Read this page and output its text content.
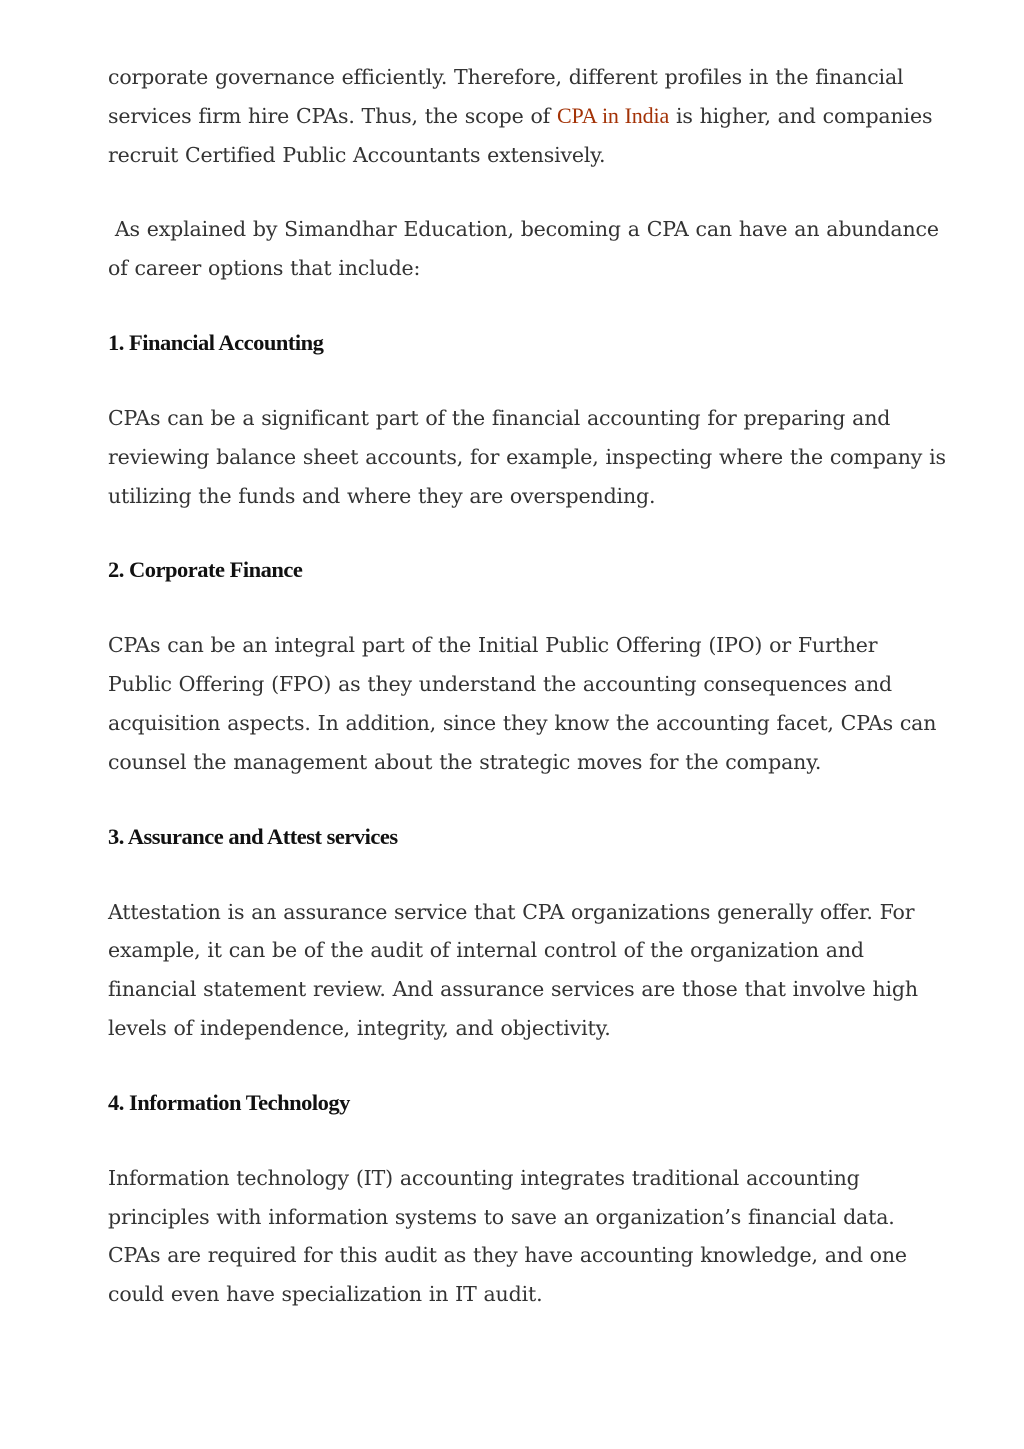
corporate governance efficiently. Therefore, different profiles in the financial services firm hire CPAs. Thus, the scope of CPA in India is higher, and companies recruit Certified Public Accountants extensively.

As explained by Simandhar Education, becoming a CPA can have an abundance of career options that include:

1. Financial Accounting

CPAs can be a significant part of the financial accounting for preparing and reviewing balance sheet accounts, for example, inspecting where the company is utilizing the funds and where they are overspending.

2. Corporate Finance

CPAs can be an integral part of the Initial Public Offering (IPO) or Further Public Offering (FPO) as they understand the accounting consequences and acquisition aspects. In addition, since they know the accounting facet, CPAs can counsel the management about the strategic moves for the company.

3. Assurance and Attest services

Attestation is an assurance service that CPA organizations generally offer. For example, it can be of the audit of internal control of the organization and financial statement review. And assurance services are those that involve high levels of independence, integrity, and objectivity.

4. Information Technology

Information technology (IT) accounting integrates traditional accounting principles with information systems to save an organization’s financial data. CPAs are required for this audit as they have accounting knowledge, and one could even have specialization in IT audit.
